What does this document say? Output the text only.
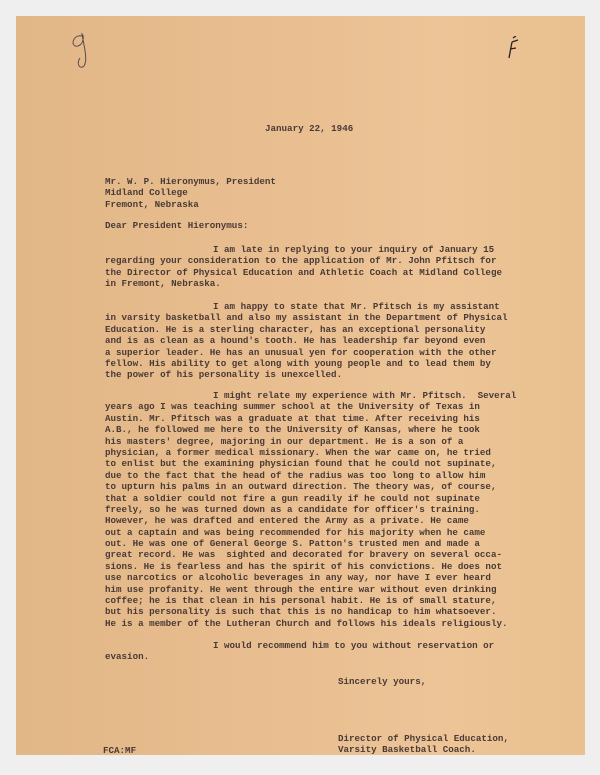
January 22, 1946
Mr. W. P. Hieronymus, President
Midland College
Fremont, Nebraska
Dear President Hieronymus:
I am late in replying to your inquiry of January 15
regarding your consideration to the application of Mr. John Pfitsch for
the Director of Physical Education and Athletic Coach at Midland College
in Fremont, Nebraska.
I am happy to state that Mr. Pfitsch is my assistant
in varsity basketball and also my assistant in the Department of Physical
Education. He is a sterling character, has an exceptional personality
and is as clean as a hound's tooth. He has leadership far beyond even
a superior leader. He has an unusual yen for cooperation with the other
fellow. His ability to get along with young people and to lead them by
the power of his personality is unexcelled.
I might relate my experience with Mr. Pfitsch.  Several
years ago I was teaching summer school at the University of Texas in
Austin. Mr. Pfitsch was a graduate at that time. After receiving his
A.B., he followed me here to the University of Kansas, where he took
his masters' degree, majoring in our department. He is a son of a
physician, a former medical missionary. When the war came on, he tried
to enlist but the examining physician found that he could not supinate,
due to the fact that the head of the radius was too long to allow him
to upturn his palms in an outward direction. The theory was, of course,
that a soldier could not fire a gun readily if he could not supinate
freely, so he was turned down as a candidate for officer's training.
However, he was drafted and entered the Army as a private. He came
out a captain and was being recommended for his majority when he came
out. He was one of General George S. Patton's trusted men and made a
great record. He was  sighted and decorated for bravery on several occa-
sions. He is fearless and has the spirit of his convictions. He does not
use narcotics or alcoholic beverages in any way, nor have I ever heard
him use profanity. He went through the entire war without even drinking
coffee; he is that clean in his personal habit. He is of small stature,
but his personality is such that this is no handicap to him whatsoever.
He is a member of the Lutheran Church and follows his ideals religiously.
I would recommend him to you without reservation or
evasion.
Sincerely yours,
Director of Physical Education,
Varsity Basketball Coach.
FCA:MF
